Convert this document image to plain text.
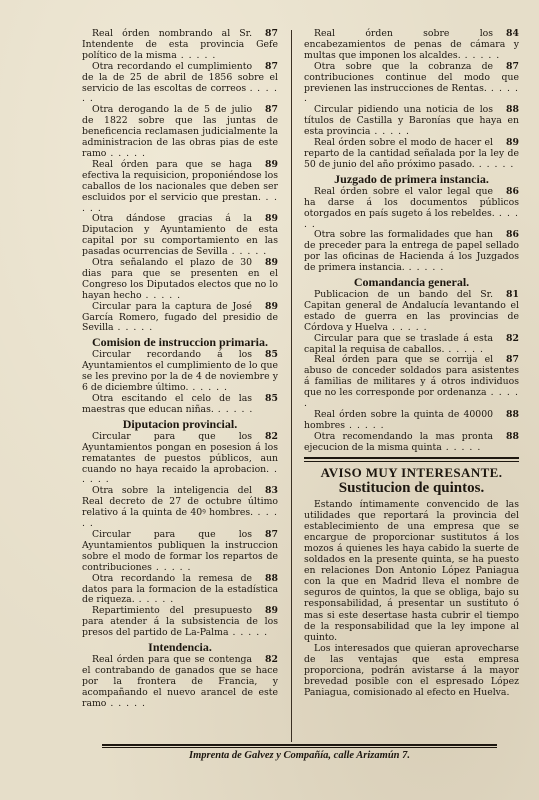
87
Real órden nombrando al Sr. Intendente de esta provincia Gefe político de la misma . . . . .

87
Otra recordando el cumplimiento de la de 25 de abril de 1856 sobre el servicio de las escoltas de correos . . . . . .

87
Otra derogando la de 5 de julio de 1822 sobre que las juntas de beneficencia reclamasen judicialmente la administracion de las obras pias de este ramo . . . . .

89
Real órden para que se haga efectiva la requisicion, proponiéndose los caballos de los nacionales que deben ser escluidos por el servicio que prestan. . . . . .

89
Otra dándose gracias á la Diputacion y Ayuntamiento de esta capital por su comportamiento en las pasadas ocurrencias de Sevilla . . . . .

89
Otra señalando el plazo de 30 dias para que se presenten en el Congreso los Diputados electos que no lo hayan hecho . . . . .

89
Circular para la captura de José García Romero, fugado del presidio de Sevilla . . . . .

Comision de instruccion primaria.

85
Circular recordando á los Ayuntamientos el cumplimiento de lo que se les previno por la de 4 de noviembre y 6 de diciembre último. . . . . .

85
Otra escitando el celo de las maestras que educan niñas. . . . . .

Diputacion provincial.

82
Circular para que los Ayuntamientos pongan en posesion á los rematantes de puestos públicos, aun cuando no haya recaido la aprobacion. . . . . .

83
Otra sobre la inteligencia del Real decreto de 27 de octubre último relativo á la quinta de 40ꝰ hombres. . . . . .

87
Circular para que los Ayuntamientos publiquen la instruccion sobre el modo de formar los repartos de contribuciones . . . . .

88
Otra recordando la remesa de datos para la formacion de la estadística de riqueza. . . . . .

89
Repartimiento del presupuesto para atender á la subsistencia de los presos del partido de La-Palma . . . . .

Intendencia.

82
Real órden para que se contenga el contrabando de ganados que se hace por la frontera de Francia, y acompañando el nuevo arancel de este ramo . . . . .

84
Real órden sobre los encabezamientos de penas de cámara y multas que imponen los alcaldes. . . . . .

87
Otra sobre que la cobranza de contribuciones continue del modo que previenen las instrucciones de Rentas. . . . . .

88
Circular pidiendo una noticia de los títulos de Castilla y Baronías que haya en esta provincia . . . . .

89
Real órden sobre el modo de hacer el reparto de la cantidad señalada por la ley de 50 de junio del año próximo pasado. . . . . .

Juzgado de primera instancia.

86
Real órden sobre el valor legal que ha darse á los documentos públicos otorgados en país sugeto á los rebeldes. . . . . .

86
Otra sobre las formalidades que han de preceder para la entrega de papel sellado por las oficinas de Hacienda á los Juzgados de primera instancia. . . . . .

Comandancia general.

81
Publicacion de un bando del Sr. Capitan general de Andalucía levantando el estado de guerra en las provincias de Córdova y Huelva . . . . .

82
Circular para que se traslade á esta capital la requisa de caballos. . . . . .

87
Real órden para que se corrija el abuso de conceder soldados para asistentes á familias de militares y á otros individuos que no les corresponde por ordenanza . . . . .

88
Real órden sobre la quinta de 40000 hombres . . . . .

88
Otra recomendando la mas pronta ejecucion de la misma quinta . . . . .

AVISO MUY INTERESANTE.
Sustitucion de quintos.

Estando íntimamente convencido de las utilidades que reportará la provincia del establecimiento de una empresa que se encargue de proporcionar sustitutos á los mozos á quienes les haya cabido la suerte de soldados en la presente quinta, se ha puesto en relaciones Don Antonio López Paniagua con la que en Madrid lleva el nombre de seguros de quintos, la que se obliga, bajo su responsabilidad, á presentar un sustituto ó mas si este desertase hasta cubrir el tiempo de la responsabilidad que la ley impone al quinto.

Los interesados que quieran aprovecharse de las ventajas que esta empresa proporciona, podrán avistarse á la mayor brevedad posible con el espresado López Paniagua, comisionado al efecto en Huelva.

Imprenta de Galvez y Compañía, calle Arizamún 7.
